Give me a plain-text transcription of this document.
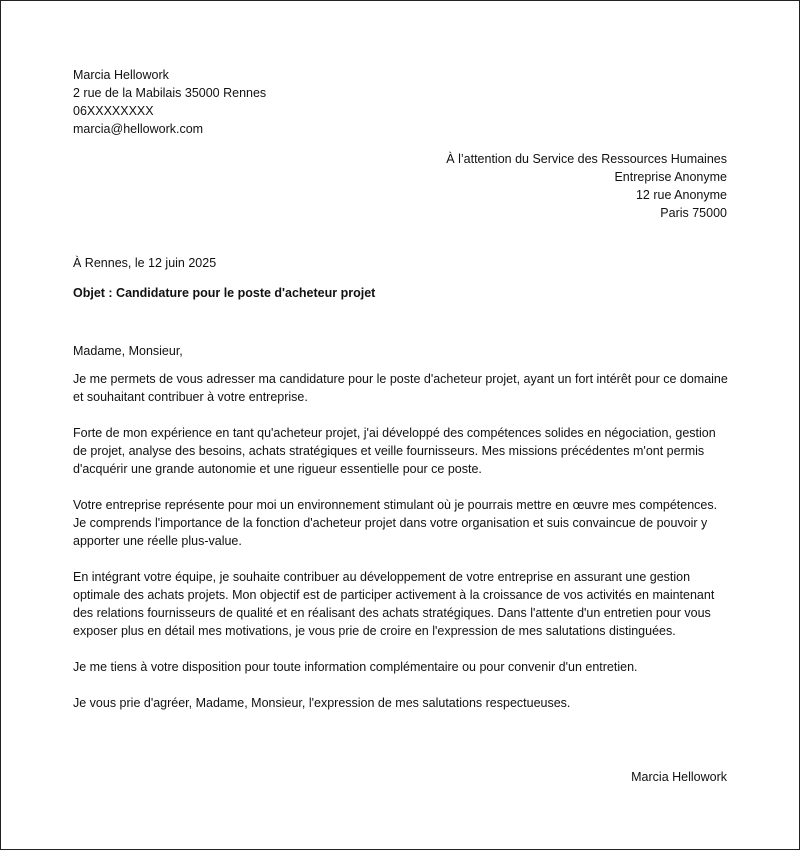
Marcia Hellowork
2 rue de la Mabilais 35000 Rennes
06XXXXXXXX
marcia@hellowork.com
À l’attention du Service des Ressources Humaines
Entreprise Anonyme
12 rue Anonyme
Paris 75000

À Rennes, le 12 juin 2025

Objet : Candidature pour le poste d'acheteur projet

Madame, Monsieur,

Je me permets de vous adresser ma candidature pour le poste d'acheteur projet, ayant un fort intérêt pour ce domaine et souhaitant contribuer à votre entreprise.

Forte de mon expérience en tant qu'acheteur projet, j'ai développé des compétences solides en négociation, gestion de projet, analyse des besoins, achats stratégiques et veille fournisseurs. Mes missions précédentes m'ont permis d'acquérir une grande autonomie et une rigueur essentielle pour ce poste.

Votre entreprise représente pour moi un environnement stimulant où je pourrais mettre en œuvre mes compétences. Je comprends l'importance de la fonction d'acheteur projet dans votre organisation et suis convaincue de pouvoir y apporter une réelle plus-value.

En intégrant votre équipe, je souhaite contribuer au développement de votre entreprise en assurant une gestion optimale des achats projets. Mon objectif est de participer activement à la croissance de vos activités en maintenant des relations fournisseurs de qualité et en réalisant des achats stratégiques. Dans l'attente d'un entretien pour vous exposer plus en détail mes motivations, je vous prie de croire en l'expression de mes salutations distinguées.

Je me tiens à votre disposition pour toute information complémentaire ou pour convenir d'un entretien.

Je vous prie d'agréer, Madame, Monsieur, l'expression de mes salutations respectueuses.

Marcia Hellowork
